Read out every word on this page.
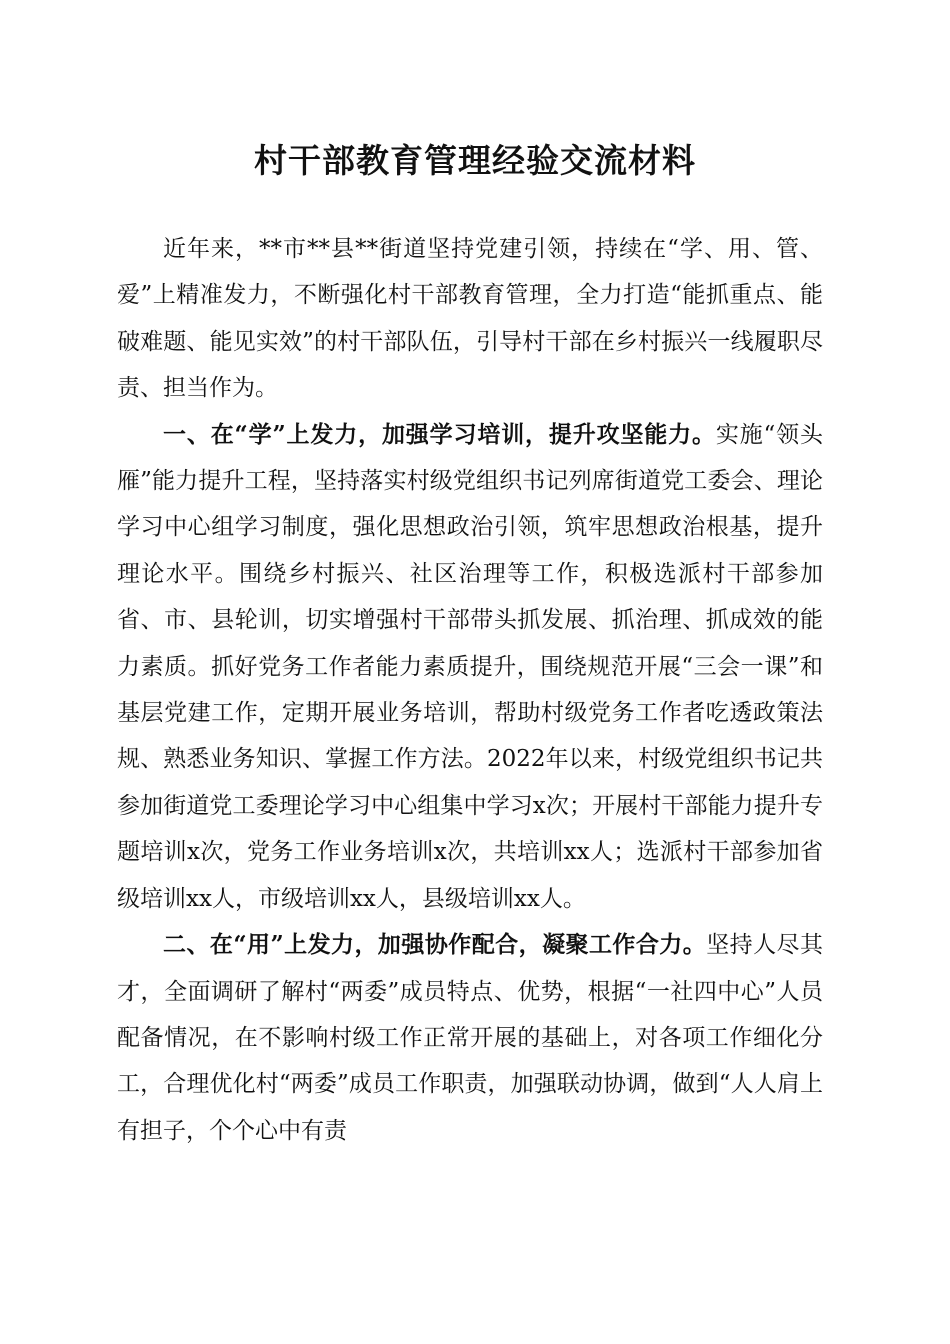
村干部教育管理经验交流材料

近年来，**市**县**街道坚持党建引领，持续在“学、用、管、爱”上精准发力，不断强化村干部教育管理，全力打造“能抓重点、能破难题、能见实效”的村干部队伍，引导村干部在乡村振兴一线履职尽责、担当作为。

一、在“学”上发力，加强学习培训，提升攻坚能力。实施“领头雁”能力提升工程，坚持落实村级党组织书记列席街道党工委会、理论学习中心组学习制度，强化思想政治引领，筑牢思想政治根基，提升理论水平。围绕乡村振兴、社区治理等工作，积极选派村干部参加省、市、县轮训，切实增强村干部带头抓发展、抓治理、抓成效的能力素质。抓好党务工作者能力素质提升，围绕规范开展“三会一课”和基层党建工作，定期开展业务培训，帮助村级党务工作者吃透政策法规、熟悉业务知识、掌握工作方法。2022年以来，村级党组织书记共参加街道党工委理论学习中心组集中学习x次；开展村干部能力提升专题培训x次，党务工作业务培训x次，共培训xx人；选派村干部参加省级培训xx人，市级培训xx人，县级培训xx人。

二、在“用”上发力，加强协作配合，凝聚工作合力。坚持人尽其才，全面调研了解村“两委”成员特点、优势，根据“一社四中心”人员配备情况，在不影响村级工作正常开展的基础上，对各项工作细化分工，合理优化村“两委”成员工作职责，加强联动协调，做到“人人肩上有担子，个个心中有责
